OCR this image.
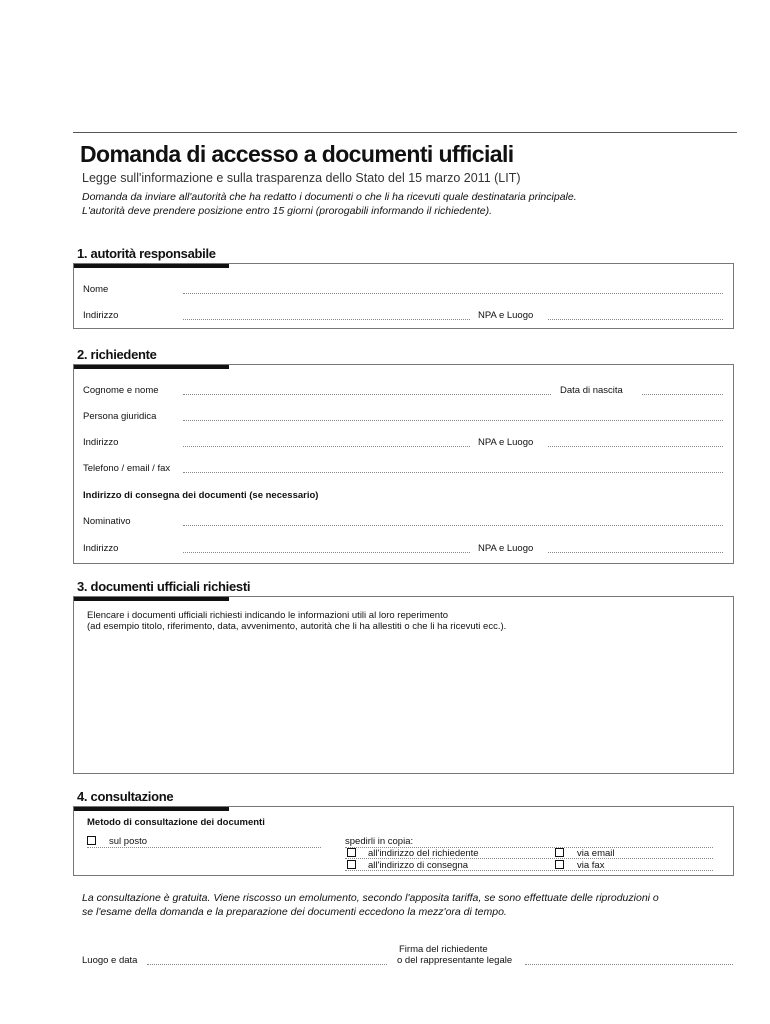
Domanda di accesso a documenti ufficiali
Legge sull'informazione e sulla trasparenza dello Stato del 15 marzo 2011 (LIT)
Domanda da inviare all'autorità che ha redatto i documenti o che li ha ricevuti quale destinataria principale.
L'autorità deve prendere posizione entro 15 giorni (prorogabili informando il richiedente).
1. autorità responsabile
Nome
Indirizzo	NPA e Luogo
2. richiedente
Cognome e nome	Data di nascita
Persona giuridica
Indirizzo	NPA e Luogo
Telefono / email / fax
Indirizzo di consegna dei documenti (se necessario)
Nominativo
Indirizzo	NPA e Luogo
3. documenti ufficiali richiesti
Elencare i documenti ufficiali richiesti indicando le informazioni utili al loro reperimento
(ad esempio titolo, riferimento, data, avvenimento, autorità che li ha allestiti o che li ha ricevuti ecc.).
4. consultazione
Metodo di consultazione dei documenti
sul posto	spedirli in copia:
all'indirizzo del richiedente	via email
all'indirizzo di consegna	via fax
La consultazione è gratuita. Viene riscosso un emolumento, secondo l'apposita tariffa, se sono effettuate delle riproduzioni o
se l'esame della domanda e la preparazione dei documenti eccedono la mezz'ora di tempo.
Luogo e data
Firma del richiedente
o del rappresentante legale
